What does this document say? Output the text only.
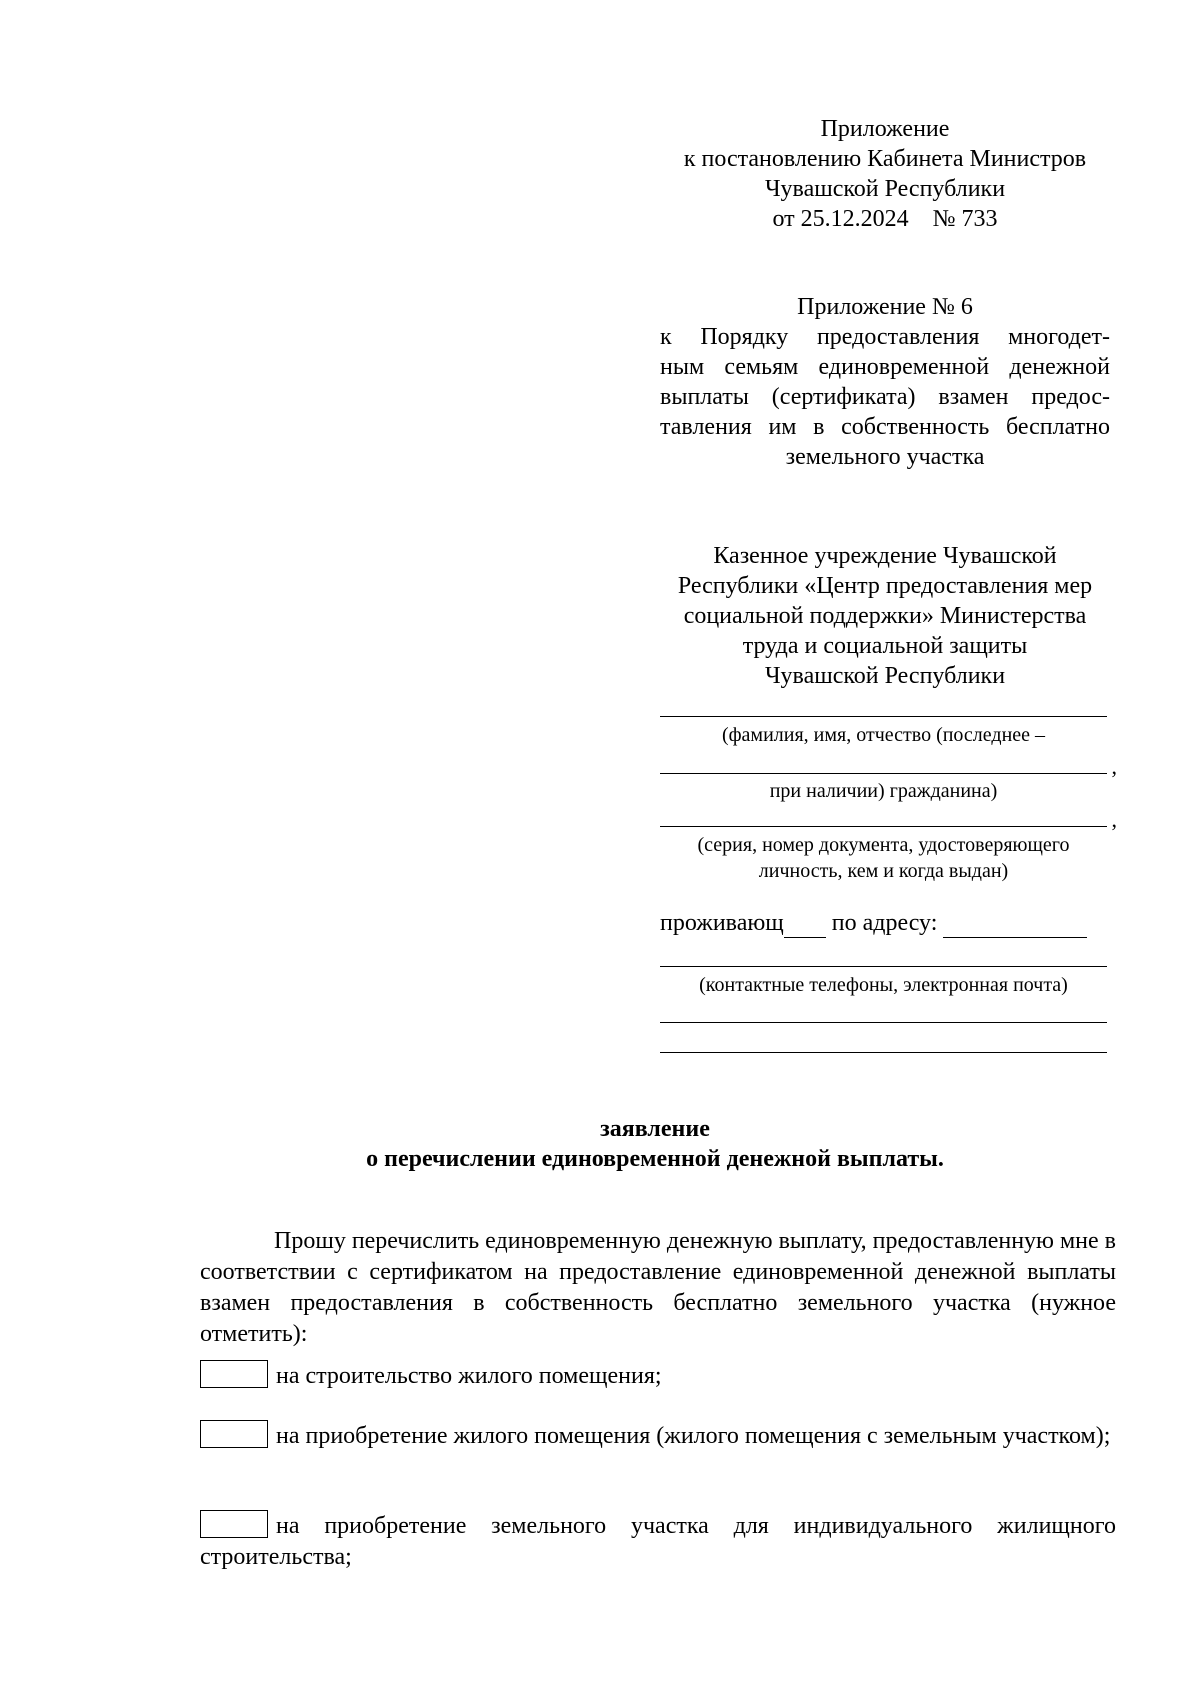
Приложение
к постановлению Кабинета Министров
Чувашской Республики
от 25.12.2024    № 733
Приложение № 6
к Порядку предоставления многодет-
ным семьям единовременной денежной
выплаты (сертификата) взамен предос-
тавления им в собственность бесплатно
земельного участка
Казенное учреждение Чувашской
Республики «Центр предоставления мер
социальной поддержки» Министерства
труда и социальной защиты
Чувашской Республики
(фамилия, имя, отчество (последнее –
,
при наличии) гражданина)
,
(серия, номер документа, удостоверяющего
личность, кем и когда выдан)
проживающ по адресу:
(контактные телефоны, электронная почта)
заявление
о перечислении единовременной денежной выплаты.
Прошу перечислить единовременную денежную выплату, предоставленную мне в соответствии с сертификатом на предоставление единовременной денежной выплаты взамен предоставления в собственность бесплатно земельного участка (нужное отметить):
на строительство жилого помещения;
на приобретение жилого помещения (жилого помещения с земельным участком);
на приобретение земельного участка для индивидуального жилищного строительства;
